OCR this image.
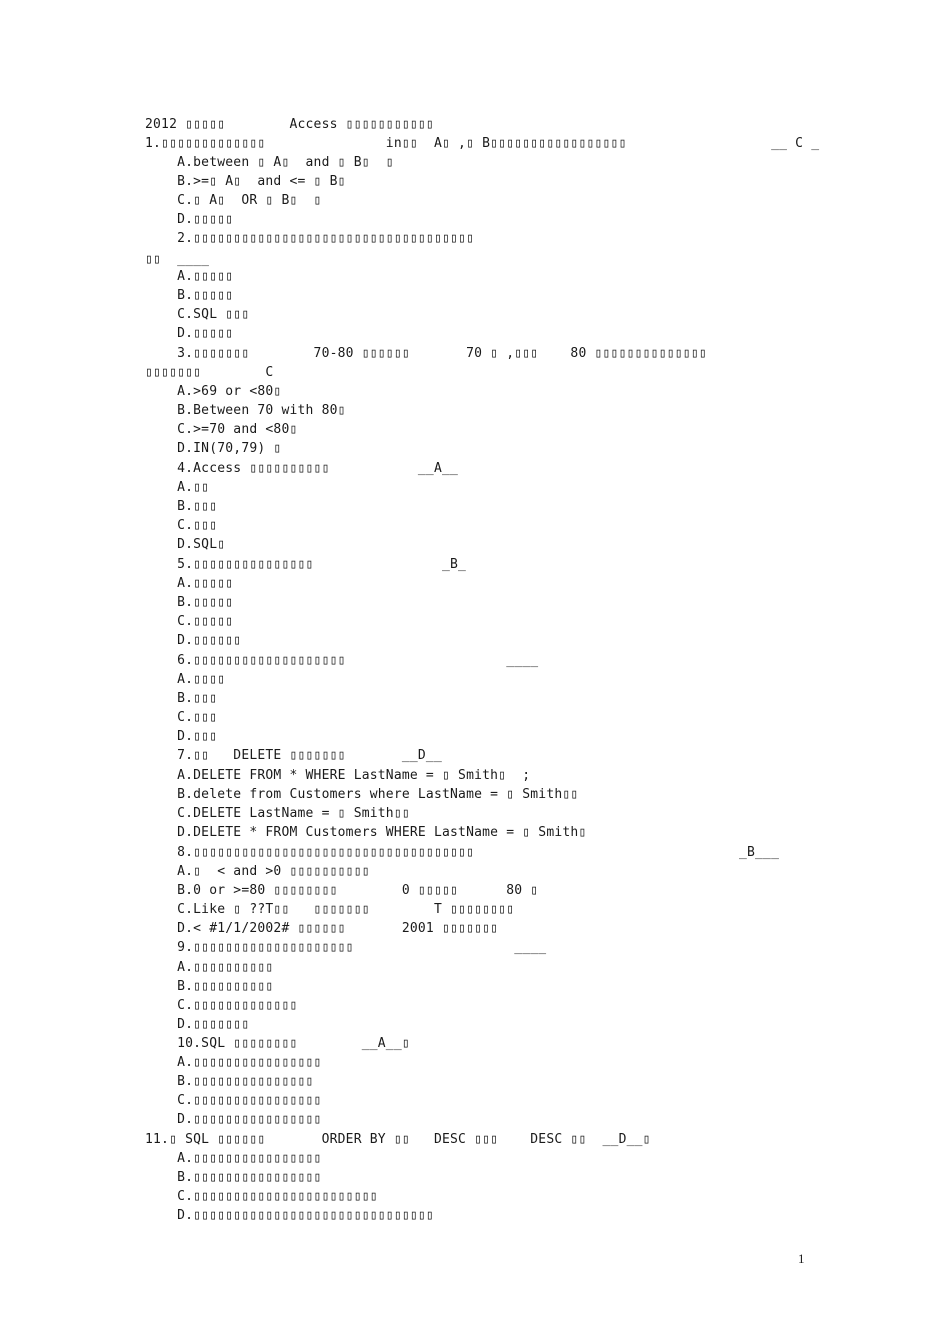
2012 ▯▯▯▯▯        Access ▯▯▯▯▯▯▯▯▯▯▯
1.▯▯▯▯▯▯▯▯▯▯▯▯▯               in▯▯  A▯ ,▯ B▯▯▯▯▯▯▯▯▯▯▯▯▯▯▯▯▯                  __ C _
A.between ▯ A▯  and ▯ B▯  ▯
B.>=▯ A▯  and <= ▯ B▯
C.▯ A▯  OR ▯ B▯  ▯
D.▯▯▯▯▯
2.▯▯▯▯▯▯▯▯▯▯▯▯▯▯▯▯▯▯▯▯▯▯▯▯▯▯▯▯▯▯▯▯▯▯▯
▯▯  ____
A.▯▯▯▯▯
B.▯▯▯▯▯
C.SQL ▯▯▯
D.▯▯▯▯▯
3.▯▯▯▯▯▯▯        70-80 ▯▯▯▯▯▯       70 ▯ ,▯▯▯    80 ▯▯▯▯▯▯▯▯▯▯▯▯▯▯
▯▯▯▯▯▯▯        C
A.>69 or <80▯
B.Between 70 with 80▯
C.>=70 and <80▯
D.IN(70,79) ▯
4.Access ▯▯▯▯▯▯▯▯▯▯           __A__
A.▯▯
B.▯▯▯
C.▯▯▯
D.SQL▯
5.▯▯▯▯▯▯▯▯▯▯▯▯▯▯▯                _B_
A.▯▯▯▯▯
B.▯▯▯▯▯
C.▯▯▯▯▯
D.▯▯▯▯▯▯
6.▯▯▯▯▯▯▯▯▯▯▯▯▯▯▯▯▯▯▯                    ____
A.▯▯▯▯
B.▯▯▯
C.▯▯▯
D.▯▯▯
7.▯▯   DELETE ▯▯▯▯▯▯▯       __D__
A.DELETE FROM * WHERE LastName = ▯ Smith▯  ;
B.delete from Customers where LastName = ▯ Smith▯▯
C.DELETE LastName = ▯ Smith▯▯
D.DELETE * FROM Customers WHERE LastName = ▯ Smith▯
8.▯▯▯▯▯▯▯▯▯▯▯▯▯▯▯▯▯▯▯▯▯▯▯▯▯▯▯▯▯▯▯▯▯▯▯                                 _B___
A.▯  < and >0 ▯▯▯▯▯▯▯▯▯▯
B.0 or >=80 ▯▯▯▯▯▯▯▯        0 ▯▯▯▯▯      80 ▯
C.Like ▯ ??T▯▯   ▯▯▯▯▯▯▯        T ▯▯▯▯▯▯▯▯
D.< #1/1/2002# ▯▯▯▯▯▯       2001 ▯▯▯▯▯▯▯
9.▯▯▯▯▯▯▯▯▯▯▯▯▯▯▯▯▯▯▯▯                    ____
A.▯▯▯▯▯▯▯▯▯▯
B.▯▯▯▯▯▯▯▯▯▯
C.▯▯▯▯▯▯▯▯▯▯▯▯▯
D.▯▯▯▯▯▯▯
10.SQL ▯▯▯▯▯▯▯▯        __A__▯
A.▯▯▯▯▯▯▯▯▯▯▯▯▯▯▯▯
B.▯▯▯▯▯▯▯▯▯▯▯▯▯▯▯
C.▯▯▯▯▯▯▯▯▯▯▯▯▯▯▯▯
D.▯▯▯▯▯▯▯▯▯▯▯▯▯▯▯▯
11.▯ SQL ▯▯▯▯▯▯       ORDER BY ▯▯   DESC ▯▯▯    DESC ▯▯  __D__▯
A.▯▯▯▯▯▯▯▯▯▯▯▯▯▯▯▯
B.▯▯▯▯▯▯▯▯▯▯▯▯▯▯▯▯
C.▯▯▯▯▯▯▯▯▯▯▯▯▯▯▯▯▯▯▯▯▯▯▯
D.▯▯▯▯▯▯▯▯▯▯▯▯▯▯▯▯▯▯▯▯▯▯▯▯▯▯▯▯▯▯
1
